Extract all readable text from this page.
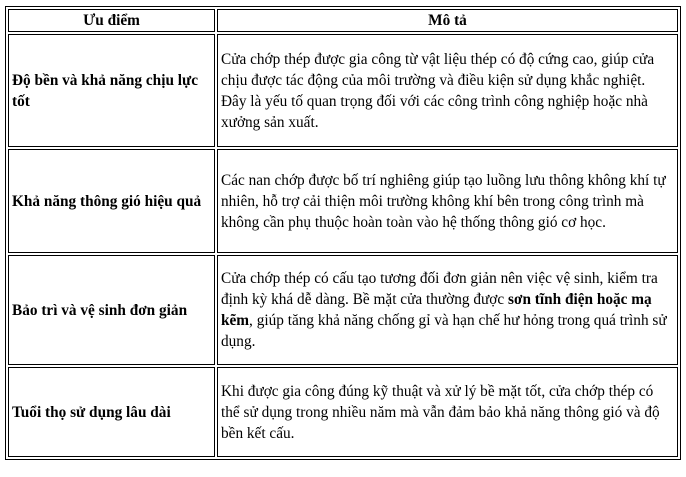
Ưu điểm	Mô tả
Độ bền và khả năng chịu lực tốt	Cửa chớp thép được gia công từ vật liệu thép có độ cứng cao, giúp cửa chịu được tác động của môi trường và điều kiện sử dụng khắc nghiệt. Đây là yếu tố quan trọng đối với các công trình công nghiệp hoặc nhà xưởng sản xuất.
Khả năng thông gió hiệu quả	Các nan chớp được bố trí nghiêng giúp tạo luồng lưu thông không khí tự nhiên, hỗ trợ cải thiện môi trường không khí bên trong công trình mà không cần phụ thuộc hoàn toàn vào hệ thống thông gió cơ học.
Bảo trì và vệ sinh đơn giản	Cửa chớp thép có cấu tạo tương đối đơn giản nên việc vệ sinh, kiểm tra định kỳ khá dễ dàng. Bề mặt cửa thường được sơn tĩnh điện hoặc mạ kẽm, giúp tăng khả năng chống gỉ và hạn chế hư hỏng trong quá trình sử dụng.
Tuổi thọ sử dụng lâu dài	Khi được gia công đúng kỹ thuật và xử lý bề mặt tốt, cửa chớp thép có thể sử dụng trong nhiều năm mà vẫn đảm bảo khả năng thông gió và độ bền kết cấu.
